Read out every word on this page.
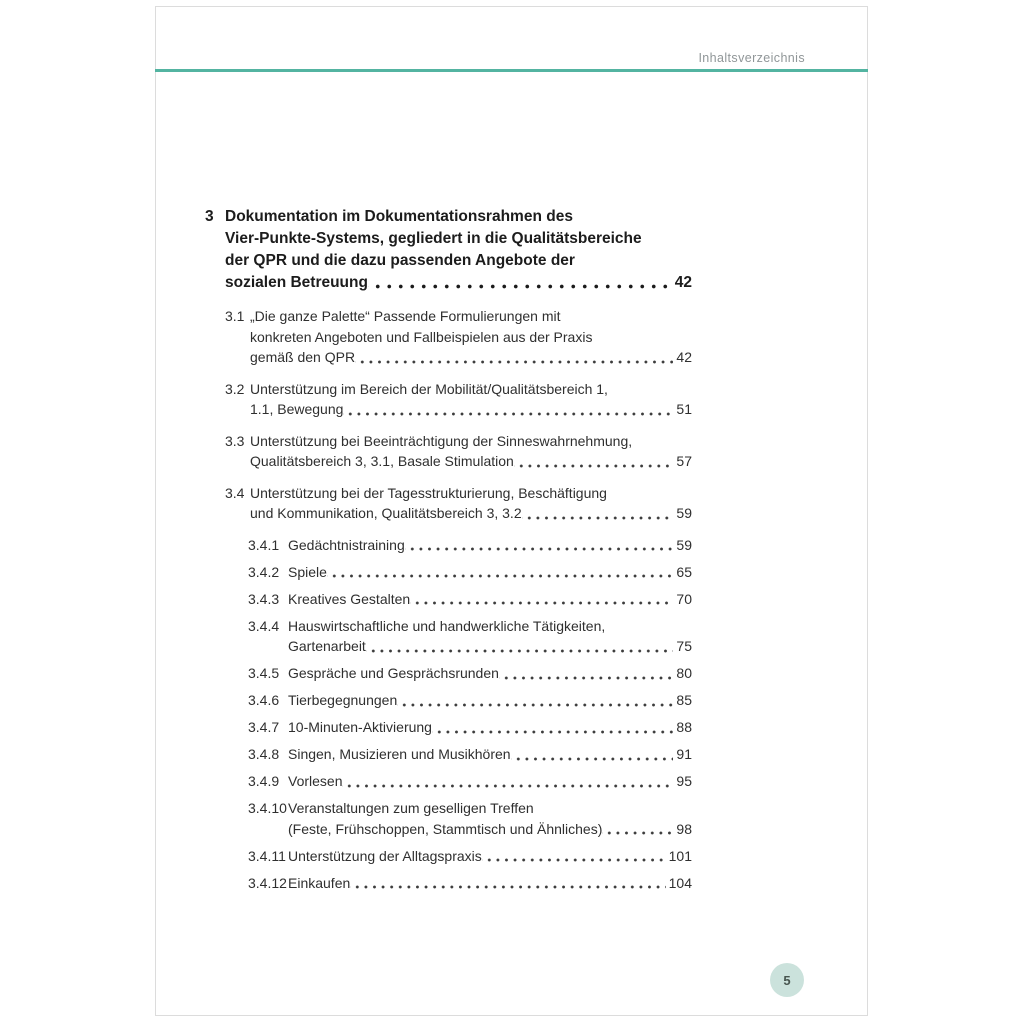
Inhaltsverzeichnis
3 Dokumentation im Dokumentationsrahmen des
Vier-Punkte-Systems, gegliedert in die Qualitätsbereiche
der QPR und die dazu passenden Angebote der
sozialen Betreuung	42
3.1 „Die ganze Palette“ Passende Formulierungen mit
konkreten Angeboten und Fallbeispielen aus der Praxis
gemäß den QPR	42
3.2 Unterstützung im Bereich der Mobilität/Qualitätsbereich 1,
1.1, Bewegung	51
3.3 Unterstützung bei Beeinträchtigung der Sinneswahrnehmung,
Qualitätsbereich 3, 3.1, Basale Stimulation	57
3.4 Unterstützung bei der Tagesstrukturierung, Beschäftigung
und Kommunikation, Qualitätsbereich 3, 3.2	59
3.4.1 Gedächtnistraining	59
3.4.2 Spiele	65
3.4.3 Kreatives Gestalten	70
3.4.4 Hauswirtschaftliche und handwerkliche Tätigkeiten,
Gartenarbeit	75
3.4.5 Gespräche und Gesprächsrunden	80
3.4.6 Tierbegegnungen	85
3.4.7 10-Minuten-Aktivierung	88
3.4.8 Singen, Musizieren und Musikhören	91
3.4.9 Vorlesen	95
3.4.10 Veranstaltungen zum geselligen Treffen
(Feste, Frühschoppen, Stammtisch und Ähnliches)	98
3.4.11 Unterstützung der Alltagspraxis	101
3.4.12 Einkaufen	104
5
